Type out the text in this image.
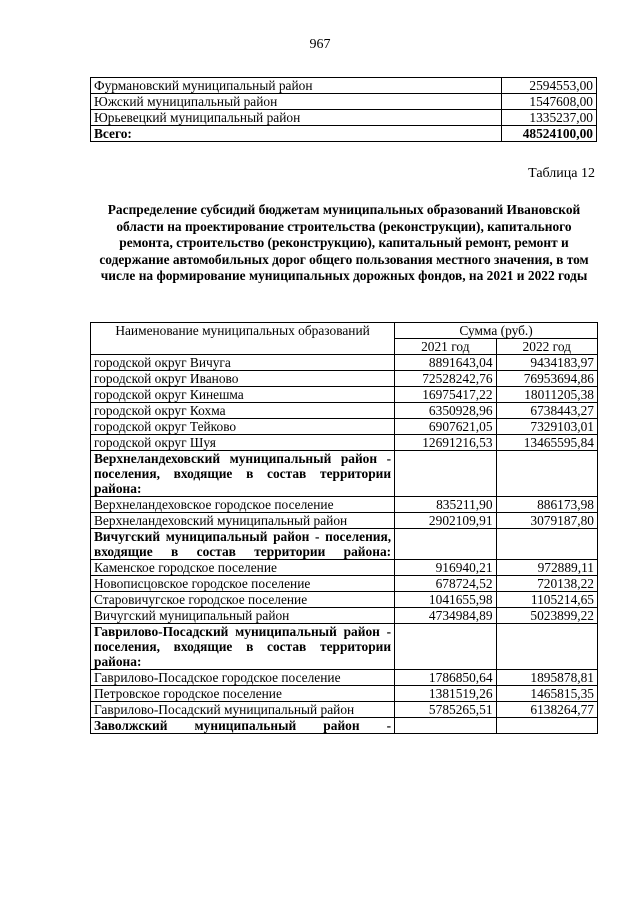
967
Фурмановский муниципальный район	2594553,00
Южский муниципальный район	1547608,00
Юрьевецкий муниципальный район	1335237,00
Всего:	48524100,00
Таблица 12
Распределение субсидий бюджетам муниципальных образований Ивановской области на проектирование строительства (реконструкции), капитального ремонта, строительство (реконструкцию), капитальный ремонт, ремонт и содержание автомобильных дорог общего пользования местного значения, в том числе на формирование муниципальных дорожных фондов, на 2021 и 2022 годы
Наименование муниципальных образований	Сумма (руб.)	
	2021 год	2022 год
городской округ Вичуга	8891643,04	9434183,97
городской округ Иваново	72528242,76	76953694,86
городской округ Кинешма	16975417,22	18011205,38
городской округ Кохма	6350928,96	6738443,27
городской округ Тейково	6907621,05	7329103,01
городской округ Шуя	12691216,53	13465595,84
Верхнеландеховский муниципальный район - поселения, входящие в состав территории района:		
Верхнеландеховское городское поселение	835211,90	886173,98
Верхнеландеховский муниципальный район	2902109,91	3079187,80
Вичугский муниципальный район - поселения, входящие в состав территории района:		
Каменское городское поселение	916940,21	972889,11
Новописцовское городское поселение	678724,52	720138,22
Старовичугское городское поселение	1041655,98	1105214,65
Вичугский муниципальный район	4734984,89	5023899,22
Гаврилово-Посадский муниципальный район - поселения, входящие в состав территории района:		
Гаврилово-Посадское городское поселение	1786850,64	1895878,81
Петровское городское поселение	1381519,26	1465815,35
Гаврилово-Посадский муниципальный район	5785265,51	6138264,77
Заволжский муниципальный район -		
